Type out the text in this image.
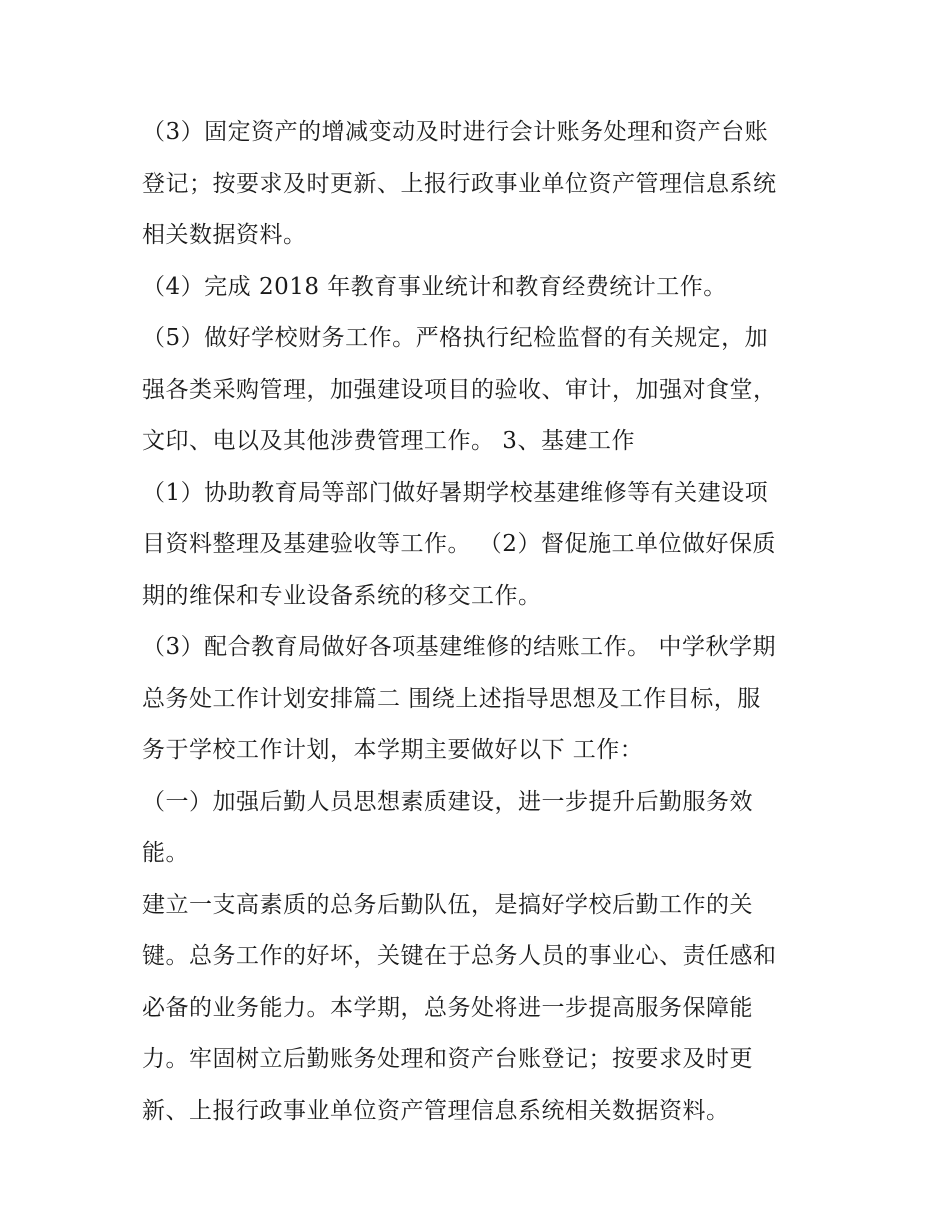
（3）固定资产的增减变动及时进行会计账务处理和资产台账
登记；按要求及时更新、上报行政事业单位资产管理信息系统
相关数据资料。

（4）完成 2018 年教育事业统计和教育经费统计工作。

（5）做好学校财务工作。严格执行纪检监督的有关规定，加
强各类采购管理，加强建设项目的验收、审计，加强对食堂，
文印、电以及其他涉费管理工作。 3、基建工作

（1）协助教育局等部门做好暑期学校基建维修等有关建设项
目资料整理及基建验收等工作。 （2）督促施工单位做好保质
期的维保和专业设备系统的移交工作。

（3）配合教育局做好各项基建维修的结账工作。 中学秋学期
总务处工作计划安排篇二 围绕上述指导思想及工作目标，服
务于学校工作计划，本学期主要做好以下 工作：

（一）加强后勤人员思想素质建设，进一步提升后勤服务效
能。

建立一支高素质的总务后勤队伍，是搞好学校后勤工作的关
键。总务工作的好坏，关键在于总务人员的事业心、责任感和
必备的业务能力。本学期，总务处将进一步提高服务保障能
力。牢固树立后勤账务处理和资产台账登记；按要求及时更
新、上报行政事业单位资产管理信息系统相关数据资料。
